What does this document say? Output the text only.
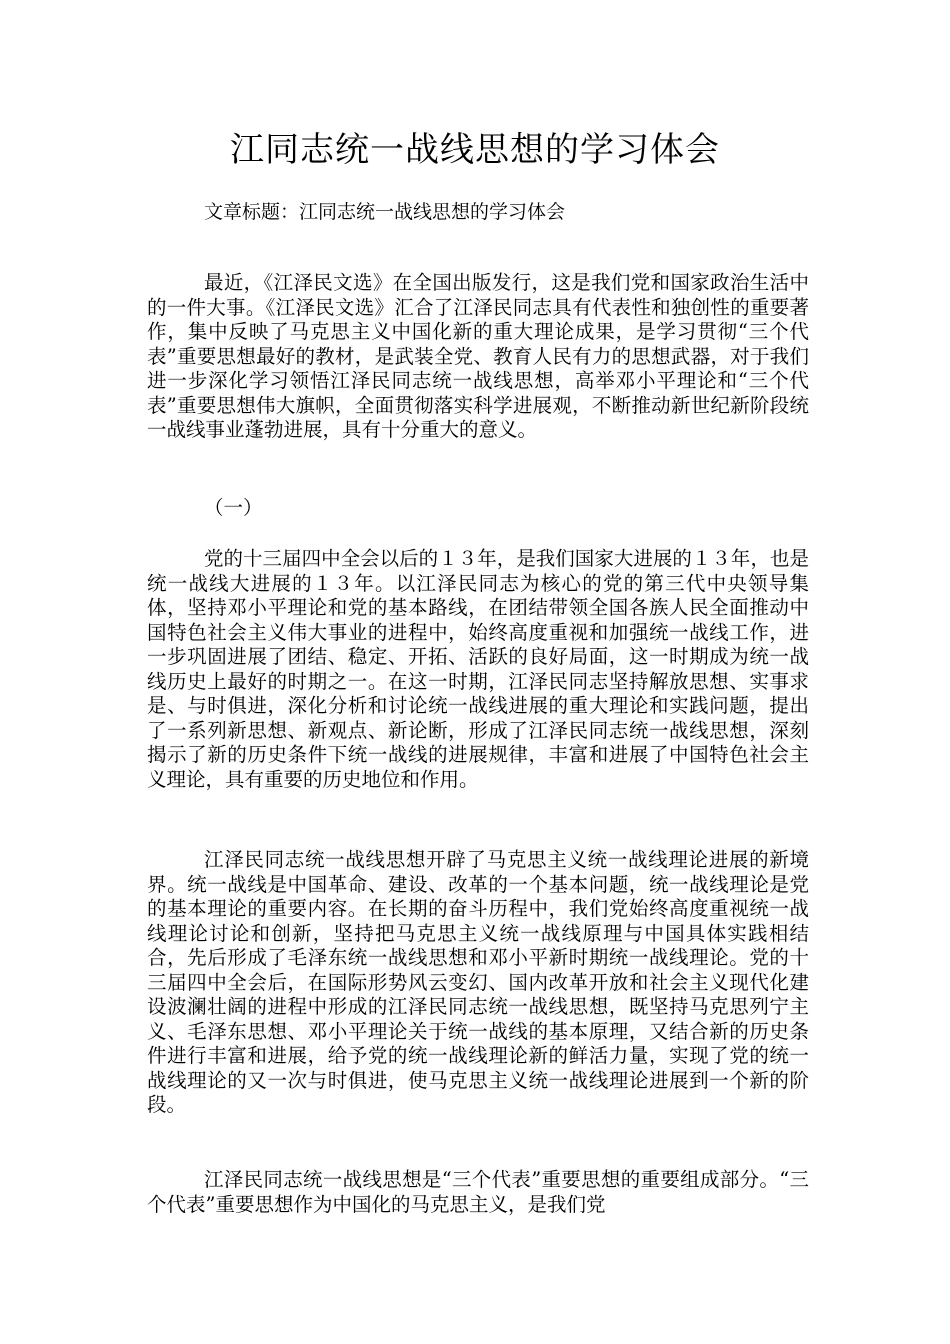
江同志统一战线思想的学习体会

文章标题：江同志统一战线思想的学习体会

最近，《江泽民文选》在全国出版发行，这是我们党和国家政治生活中的一件大事。《江泽民文选》汇合了江泽民同志具有代表性和独创性的重要著作，集中反映了马克思主义中国化新的重大理论成果，是学习贯彻“三个代表”重要思想最好的教材，是武装全党、教育人民有力的思想武器，对于我们进一步深化学习领悟江泽民同志统一战线思想，高举邓小平理论和“三个代表”重要思想伟大旗帜，全面贯彻落实科学进展观，不断推动新世纪新阶段统一战线事业蓬勃进展，具有十分重大的意义。

（一）

党的十三届四中全会以后的１３年，是我们国家大进展的１３年，也是统一战线大进展的１３年。以江泽民同志为核心的党的第三代中央领导集体，坚持邓小平理论和党的基本路线，在团结带领全国各族人民全面推动中国特色社会主义伟大事业的进程中，始终高度重视和加强统一战线工作，进一步巩固进展了团结、稳定、开拓、活跃的良好局面，这一时期成为统一战线历史上最好的时期之一。在这一时期，江泽民同志坚持解放思想、实事求是、与时俱进，深化分析和讨论统一战线进展的重大理论和实践问题，提出了一系列新思想、新观点、新论断，形成了江泽民同志统一战线思想，深刻揭示了新的历史条件下统一战线的进展规律，丰富和进展了中国特色社会主义理论，具有重要的历史地位和作用。

江泽民同志统一战线思想开辟了马克思主义统一战线理论进展的新境界。统一战线是中国革命、建设、改革的一个基本问题，统一战线理论是党的基本理论的重要内容。在长期的奋斗历程中，我们党始终高度重视统一战线理论讨论和创新，坚持把马克思主义统一战线原理与中国具体实践相结合，先后形成了毛泽东统一战线思想和邓小平新时期统一战线理论。党的十三届四中全会后，在国际形势风云变幻、国内改革开放和社会主义现代化建设波澜壮阔的进程中形成的江泽民同志统一战线思想，既坚持马克思列宁主义、毛泽东思想、邓小平理论关于统一战线的基本原理，又结合新的历史条件进行丰富和进展，给予党的统一战线理论新的鲜活力量，实现了党的统一战线理论的又一次与时俱进，使马克思主义统一战线理论进展到一个新的阶段。

江泽民同志统一战线思想是“三个代表”重要思想的重要组成部分。“三个代表”重要思想作为中国化的马克思主义，是我们党
